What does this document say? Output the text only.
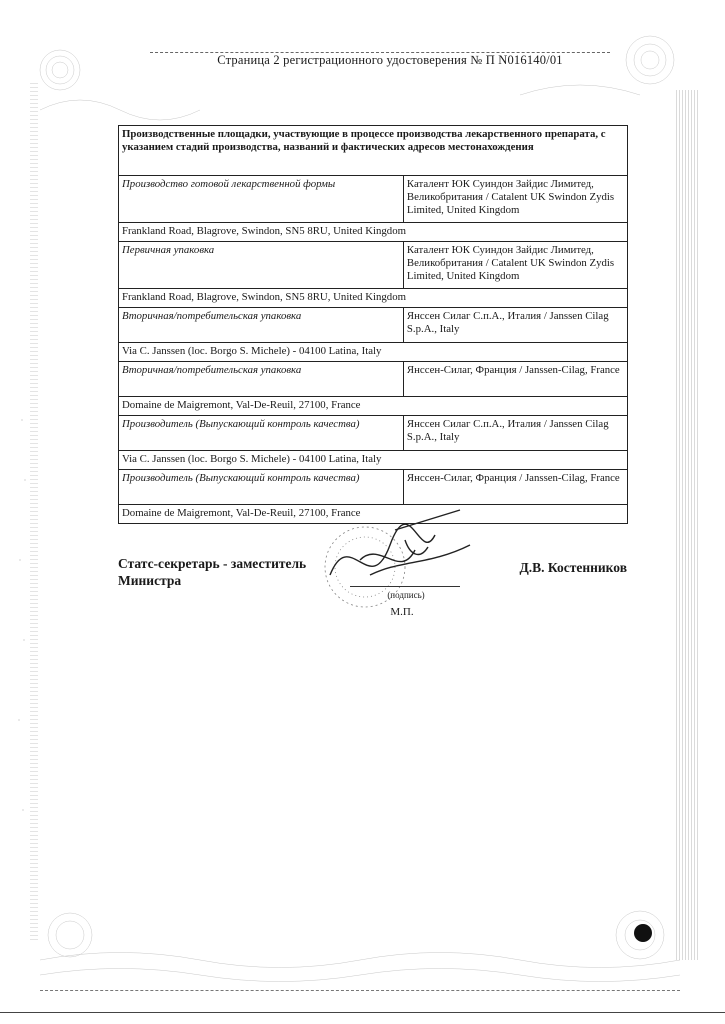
Страница 2 регистрационного удостоверения № П N016140/01
Производственные площадки, участвующие в процессе производства лекарственного препарата, с указанием стадий производства, названий и фактических адресов местонахождения	
Производство готовой лекарственной формы	Каталент ЮК Суиндон Зайдис Лимитед, Великобритания / Catalent UK Swindon Zydis Limited, United Kingdom
Frankland Road, Blagrove, Swindon, SN5 8RU, United Kingdom	
Первичная упаковка	Каталент ЮК Суиндон Зайдис Лимитед, Великобритания / Catalent UK Swindon Zydis Limited, United Kingdom
Frankland Road, Blagrove, Swindon, SN5 8RU, United Kingdom	
Вторичная/потребительская упаковка	Янссен Силаг С.п.А., Италия / Janssen Cilag S.p.A., Italy
Via C. Janssen (loc. Borgo S. Michele) - 04100 Latina, Italy	
Вторичная/потребительская упаковка	Янссен-Силаг, Франция / Janssen-Cilag, France
Domaine de Maigremont, Val-De-Reuil, 27100, France	
Производитель (Выпускающий контроль качества)	Янссен Силаг С.п.А., Италия / Janssen Cilag S.p.A., Italy
Via C. Janssen (loc. Borgo S. Michele) - 04100 Latina, Italy	
Производитель (Выпускающий контроль качества)	Янссен-Силаг, Франция / Janssen-Cilag, France
Domaine de Maigremont, Val-De-Reuil, 27100, France	
Статс-секретарь - заместитель Министра
Д.В. Костенников
(подпись)
М.П.
